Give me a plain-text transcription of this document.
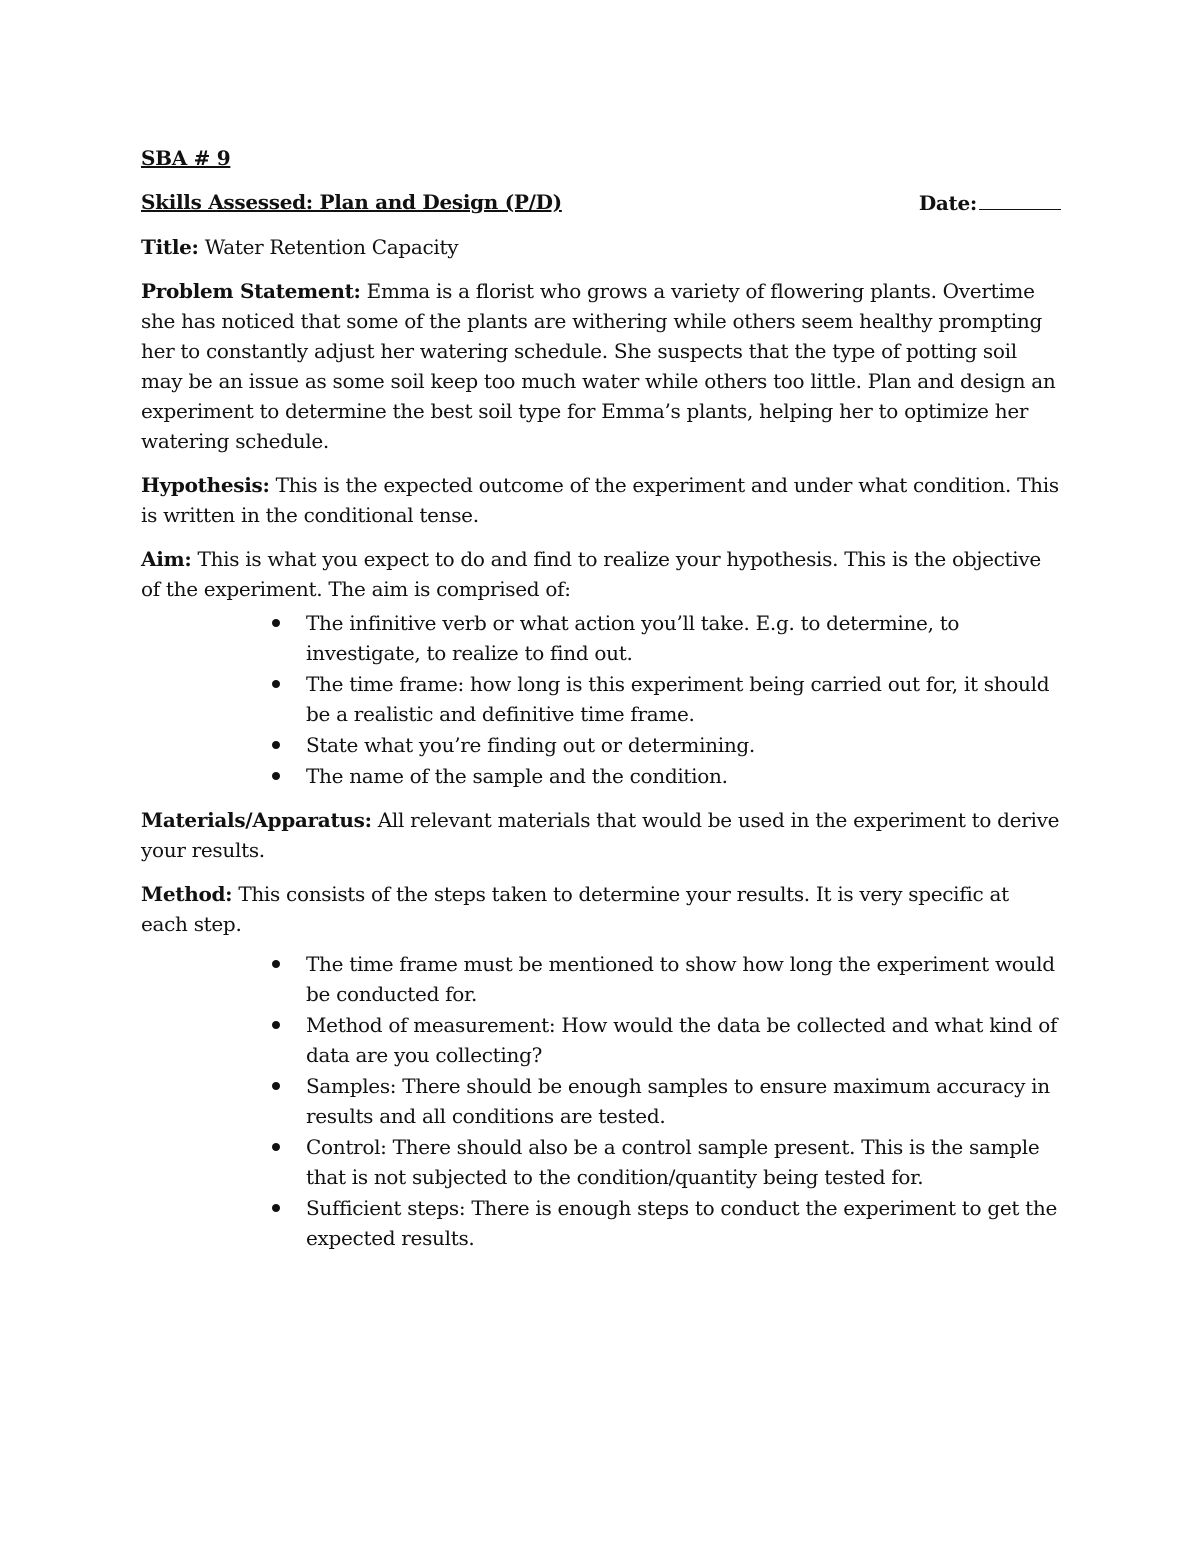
SBA # 9

Skills Assessed: Plan and Design (P/D)	Date:

Title: Water Retention Capacity

Problem Statement: Emma is a florist who grows a variety of flowering plants. Overtime she has noticed that some of the plants are withering while others seem healthy prompting her to constantly adjust her watering schedule. She suspects that the type of potting soil may be an issue as some soil keep too much water while others too little. Plan and design an experiment to determine the best soil type for Emma’s plants, helping her to optimize her watering schedule.

Hypothesis: This is the expected outcome of the experiment and under what condition. This is written in the conditional tense.

Aim: This is what you expect to do and find to realize your hypothesis. This is the objective of the experiment. The aim is comprised of:

The infinitive verb or what action you’ll take. E.g. to determine, to investigate, to realize to find out.
The time frame: how long is this experiment being carried out for, it should be a realistic and definitive time frame.
State what you’re finding out or determining.
The name of the sample and the condition.

Materials/Apparatus: All relevant materials that would be used in the experiment to derive your results.

Method: This consists of the steps taken to determine your results. It is very specific at each step.

The time frame must be mentioned to show how long the experiment would be conducted for.
Method of measurement: How would the data be collected and what kind of data are you collecting?
Samples: There should be enough samples to ensure maximum accuracy in results and all conditions are tested.
Control: There should also be a control sample present. This is the sample that is not subjected to the condition/quantity being tested for.
Sufficient steps: There is enough steps to conduct the experiment to get the expected results.
